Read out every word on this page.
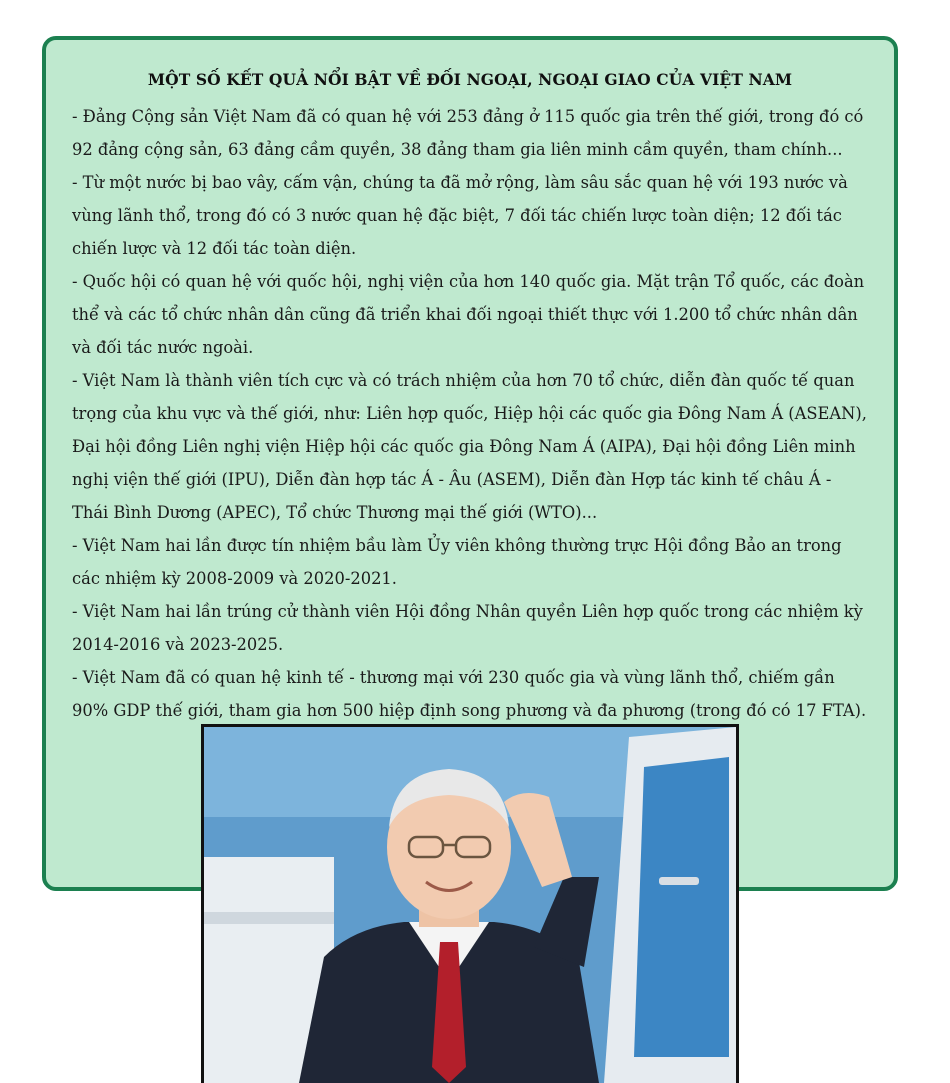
MỘT SỐ KẾT QUẢ NỔI BẬT VỀ ĐỐI NGOẠI, NGOẠI GIAO CỦA VIỆT NAM

- Đảng Cộng sản Việt Nam đã có quan hệ với 253 đảng ở 115 quốc gia trên thế giới, trong đó có 92 đảng cộng sản, 63 đảng cầm quyền, 38 đảng tham gia liên minh cầm quyền, tham chính...

- Từ một nước bị bao vây, cấm vận, chúng ta đã mở rộng, làm sâu sắc quan hệ với 193 nước và vùng lãnh thổ, trong đó có 3 nước quan hệ đặc biệt, 7 đối tác chiến lược toàn diện; 12 đối tác chiến lược và 12 đối tác toàn diện.

- Quốc hội có quan hệ với quốc hội, nghị viện của hơn 140 quốc gia. Mặt trận Tổ quốc, các đoàn thể và các tổ chức nhân dân cũng đã triển khai đối ngoại thiết thực với 1.200 tổ chức nhân dân và đối tác nước ngoài.

- Việt Nam là thành viên tích cực và có trách nhiệm của hơn 70 tổ chức, diễn đàn quốc tế quan trọng của khu vực và thế giới, như: Liên hợp quốc, Hiệp hội các quốc gia Đông Nam Á (ASEAN), Đại hội đồng Liên nghị viện Hiệp hội các quốc gia Đông Nam Á (AIPA), Đại hội đồng Liên minh nghị viện thế giới (IPU), Diễn đàn hợp tác Á - Âu (ASEM), Diễn đàn Hợp tác kinh tế châu Á - Thái Bình Dương (APEC), Tổ chức Thương mại thế giới (WTO)...

- Việt Nam hai lần được tín nhiệm bầu làm Ủy viên không thường trực Hội đồng Bảo an trong các nhiệm kỳ 2008-2009 và 2020-2021.

- Việt Nam hai lần trúng cử thành viên Hội đồng Nhân quyền Liên hợp quốc trong các nhiệm kỳ 2014-2016 và 2023-2025.

- Việt Nam đã có quan hệ kinh tế - thương mại với 230 quốc gia và vùng lãnh thổ, chiếm gần 90% GDP thế giới, tham gia hơn 500 hiệp định song phương và đa phương (trong đó có 17 FTA).
